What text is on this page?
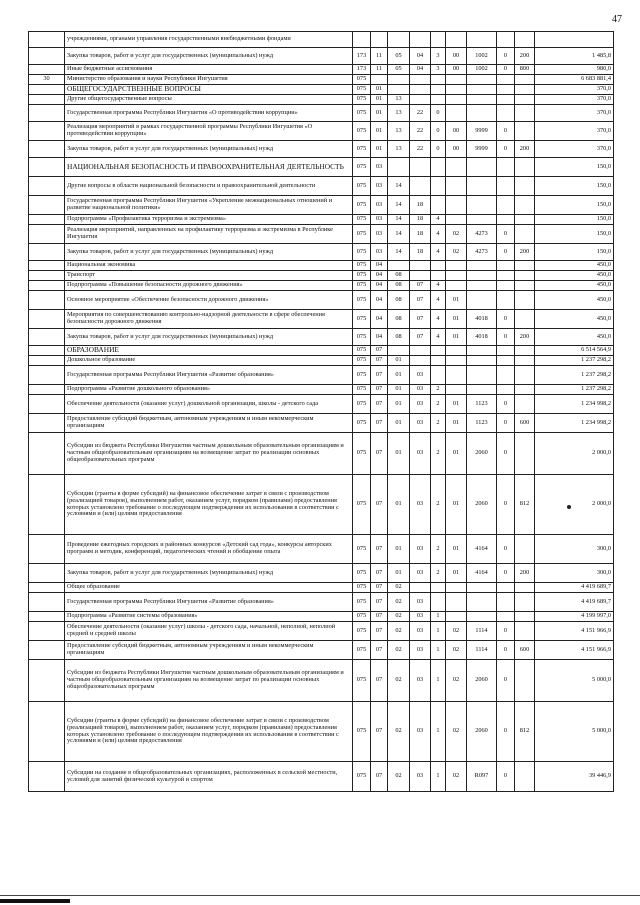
47
	учреждениями, органами управления государственными внебюджетными фондами										
	Закупка товаров, работ и услуг для государственных (муниципальных) нужд	173	11	05	04	3	00	1002	0	200	1 485,8
	Иные бюджетные ассигнования	173	11	05	04	3	00	1002	0	800	980,0
30	Министерство образования и науки Республики Ингушетия	075									6 683 881,4
	ОБЩЕГОСУДАРСТВЕННЫЕ ВОПРОСЫ	075	01								370,0
	Другие общегосударственные вопросы	075	01	13							370,0
	Государственная программа Республики Ингушетия «О противодействии коррупции»	075	01	13	22	0					370,0
	Реализация мероприятий в рамках государственной программы Республики Ингушетия «О противодействии коррупции»	075	01	13	22	0	00	9999	0		370,0
	Закупка товаров, работ и услуг для государственных (муниципальных) нужд	075	01	13	22	0	00	9999	0	200	370,0
	НАЦИОНАЛЬНАЯ БЕЗОПАСНОСТЬ И ПРАВООХРАНИТЕЛЬНАЯ ДЕЯТЕЛЬНОСТЬ	075	03								150,0
	Другие вопросы в области национальной безопасности и правоохранительной деятельности	075	03	14							150,0
	Государственная программа Республики Ингушетия «Укрепление межнациональных отношений и развитие национальной политики»	075	03	14	18						150,0
	Подпрограмма «Профилактика терроризма и экстремизма»	075	03	14	18	4					150,0
	Реализация мероприятий, направленных на профилактику терроризма и экстремизма в Республике Ингушетия	075	03	14	18	4	02	4273	0		150,0
	Закупка товаров, работ и услуг для государственных (муниципальных) нужд	075	03	14	18	4	02	4273	0	200	150,0
	Национальная экономика	075	04								450,0
	Транспорт	075	04	08							450,0
	Подпрограмма «Повышение безопасности дорожного движения»	075	04	08	07	4					450,0
	Основное мероприятие «Обеспечение безопасности дорожного движения»	075	04	08	07	4	01				450,0
	Мероприятия по совершенствованию контрольно-надзорной деятельности в сфере обеспечения безопасности дорожного движения	075	04	08	07	4	01	4018	0		450,0
	Закупка товаров, работ и услуг для государственных (муниципальных) нужд	075	04	08	07	4	01	4018	0	200	450,0
	ОБРАЗОВАНИЕ	075	07								6 514 564,9
	Дошкольное образование	075	07	01							1 237 298,2
	Государственная программа Республики Ингушетия «Развитие образования»	075	07	01	03						1 237 298,2
	Подпрограмма «Развитие дошкольного образования»	075	07	01	03	2					1 237 298,2
	Обеспечение деятельности (оказание услуг) дошкольной организации, школы - детского сада	075	07	01	03	2	01	1123	0		1 234 998,2
	Предоставление субсидий бюджетным, автономным учреждениям и иным некоммерческим организациям	075	07	01	03	2	01	1123	0	600	1 234 998,2
	Субсидии из бюджета Республики Ингушетия частным дошкольным образовательным организациям и частным общеобразовательным организациям на возмещение затрат по реализации основных общеобразовательных программ	075	07	01	03	2	01	2060	0		2 000,0
	Субсидии (гранты в форме субсидий) на финансовое обеспечение затрат в связи с производством (реализацией товаров), выполнением работ, оказанием услуг, порядком (правилами) предоставления которых установлено требование о последующем подтверждении их использования в соответствии с условиями и (или) целями предоставления	075	07	01	03	2	01	2060	0	812	2 000,0
	Проведение ежегодных городских и районных конкурсов «Детский сад года», конкурсы авторских программ и методик, конференций, педагогических чтений и обобщение опыта	075	07	01	03	2	01	4164	0		300,0
	Закупка товаров, работ и услуг для государственных (муниципальных) нужд	075	07	01	03	2	01	4164	0	200	300,0
	Общее образование	075	07	02							4 419 689,7
	Государственная программа Республики Ингушетия «Развитие образования»	075	07	02	03						4 419 689,7
	Подпрограмма «Развитие системы образования»	075	07	02	03	1					4 199 997,0
	Обеспечение деятельности (оказание услуг) школы - детского сада, начальной, неполной, неполной средней и средней школы	075	07	02	03	1	02	1114	0		4 151 966,9
	Предоставление субсидий бюджетным, автономным учреждениям и иным некоммерческим организациям	075	07	02	03	1	02	1114	0	600	4 151 966,9
	Субсидии из бюджета Республики Ингушетия частным дошкольным образовательным организациям и частным общеобразовательным организациям на возмещение затрат по реализации основных общеобразовательных программ	075	07	02	03	1	02	2060	0		5 000,0
	Субсидии (гранты в форме субсидий) на финансовое обеспечение затрат в связи с производством (реализацией товаров), выполнением работ, оказанием услуг, порядком (правилами) предоставления которых установлено требование о последующем подтверждении их использования в соответствии с условиями и (или) целями предоставления	075	07	02	03	1	02	2060	0	812	5 000,0
	Субсидии на создание в общеобразовательных организациях, расположенных в сельской местности, условий для занятий физической культурой и спортом	075	07	02	03	1	02	R097	0		39 446,9
